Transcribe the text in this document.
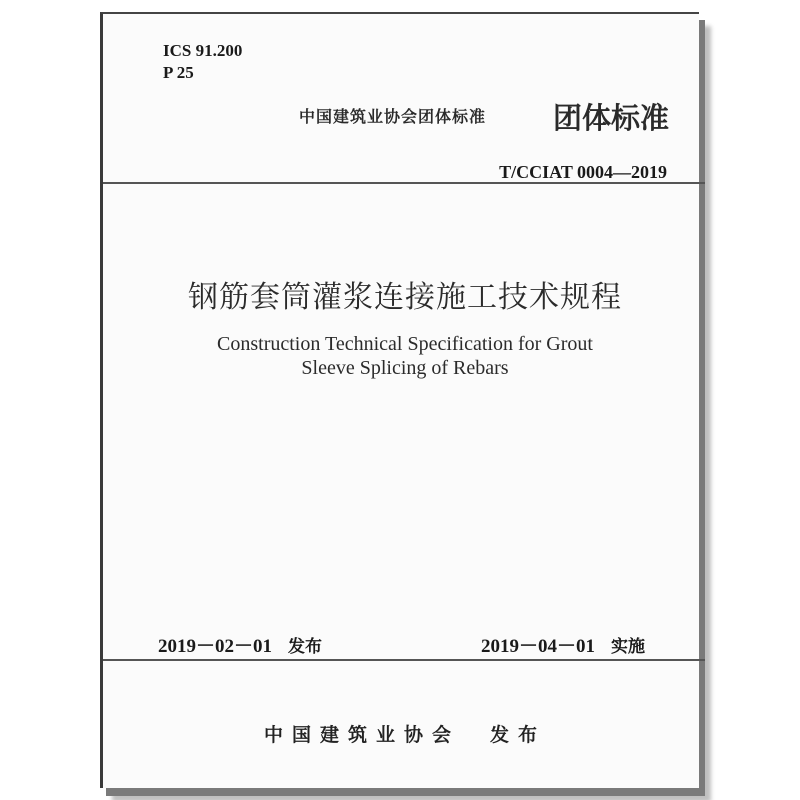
ICS 91.200
P 25
中国建筑业协会团体标准 团体标准
T/CCIAT 0004—2019
钢筋套筒灌浆连接施工技术规程
Construction Technical Specification for Grout
Sleeve Splicing of Rebars
2019－02－01 发布	2019－04－01 实施
中国建筑业协会 发布
